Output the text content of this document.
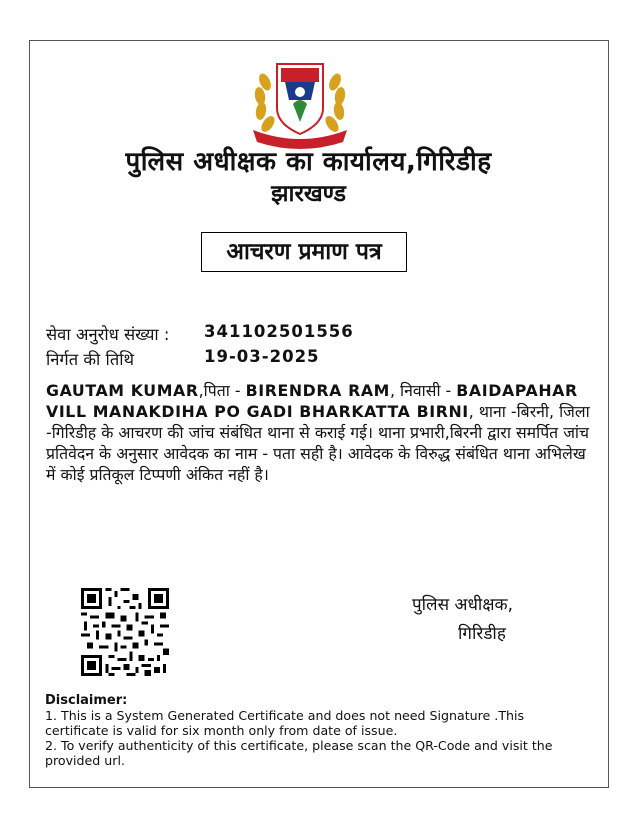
पुलिस अधीक्षक का कार्यालय,गिरिडीह
झारखण्ड
आचरण प्रमाण पत्र
सेवा अनुरोध संख्या : 341102501556
निर्गत की तिथि	19-03-2025
GAUTAM KUMAR,पिता - BIRENDRA RAM, निवासी - BAIDAPAHAR VILL MANAKDIHA PO GADI BHARKATTA BIRNI, थाना -बिरनी, जिला -गिरिडीह के आचरण की जांच संबंधित थाना से कराई गई। थाना प्रभारी,बिरनी द्वारा समर्पित जांच प्रतिवेदन के अनुसार आवेदक का नाम - पता सही है। आवेदक के विरुद्ध संबंधित थाना अभिलेख में कोई प्रतिकूल टिप्पणी अंकित नहीं है।
पुलिस अधीक्षक,
गिरिडीह
Disclaimer:
1. This is a System Generated Certificate and does not need Signature .This certificate is valid for six month only from date of issue.
2. To verify authenticity of this certificate, please scan the QR-Code and visit the provided url.
